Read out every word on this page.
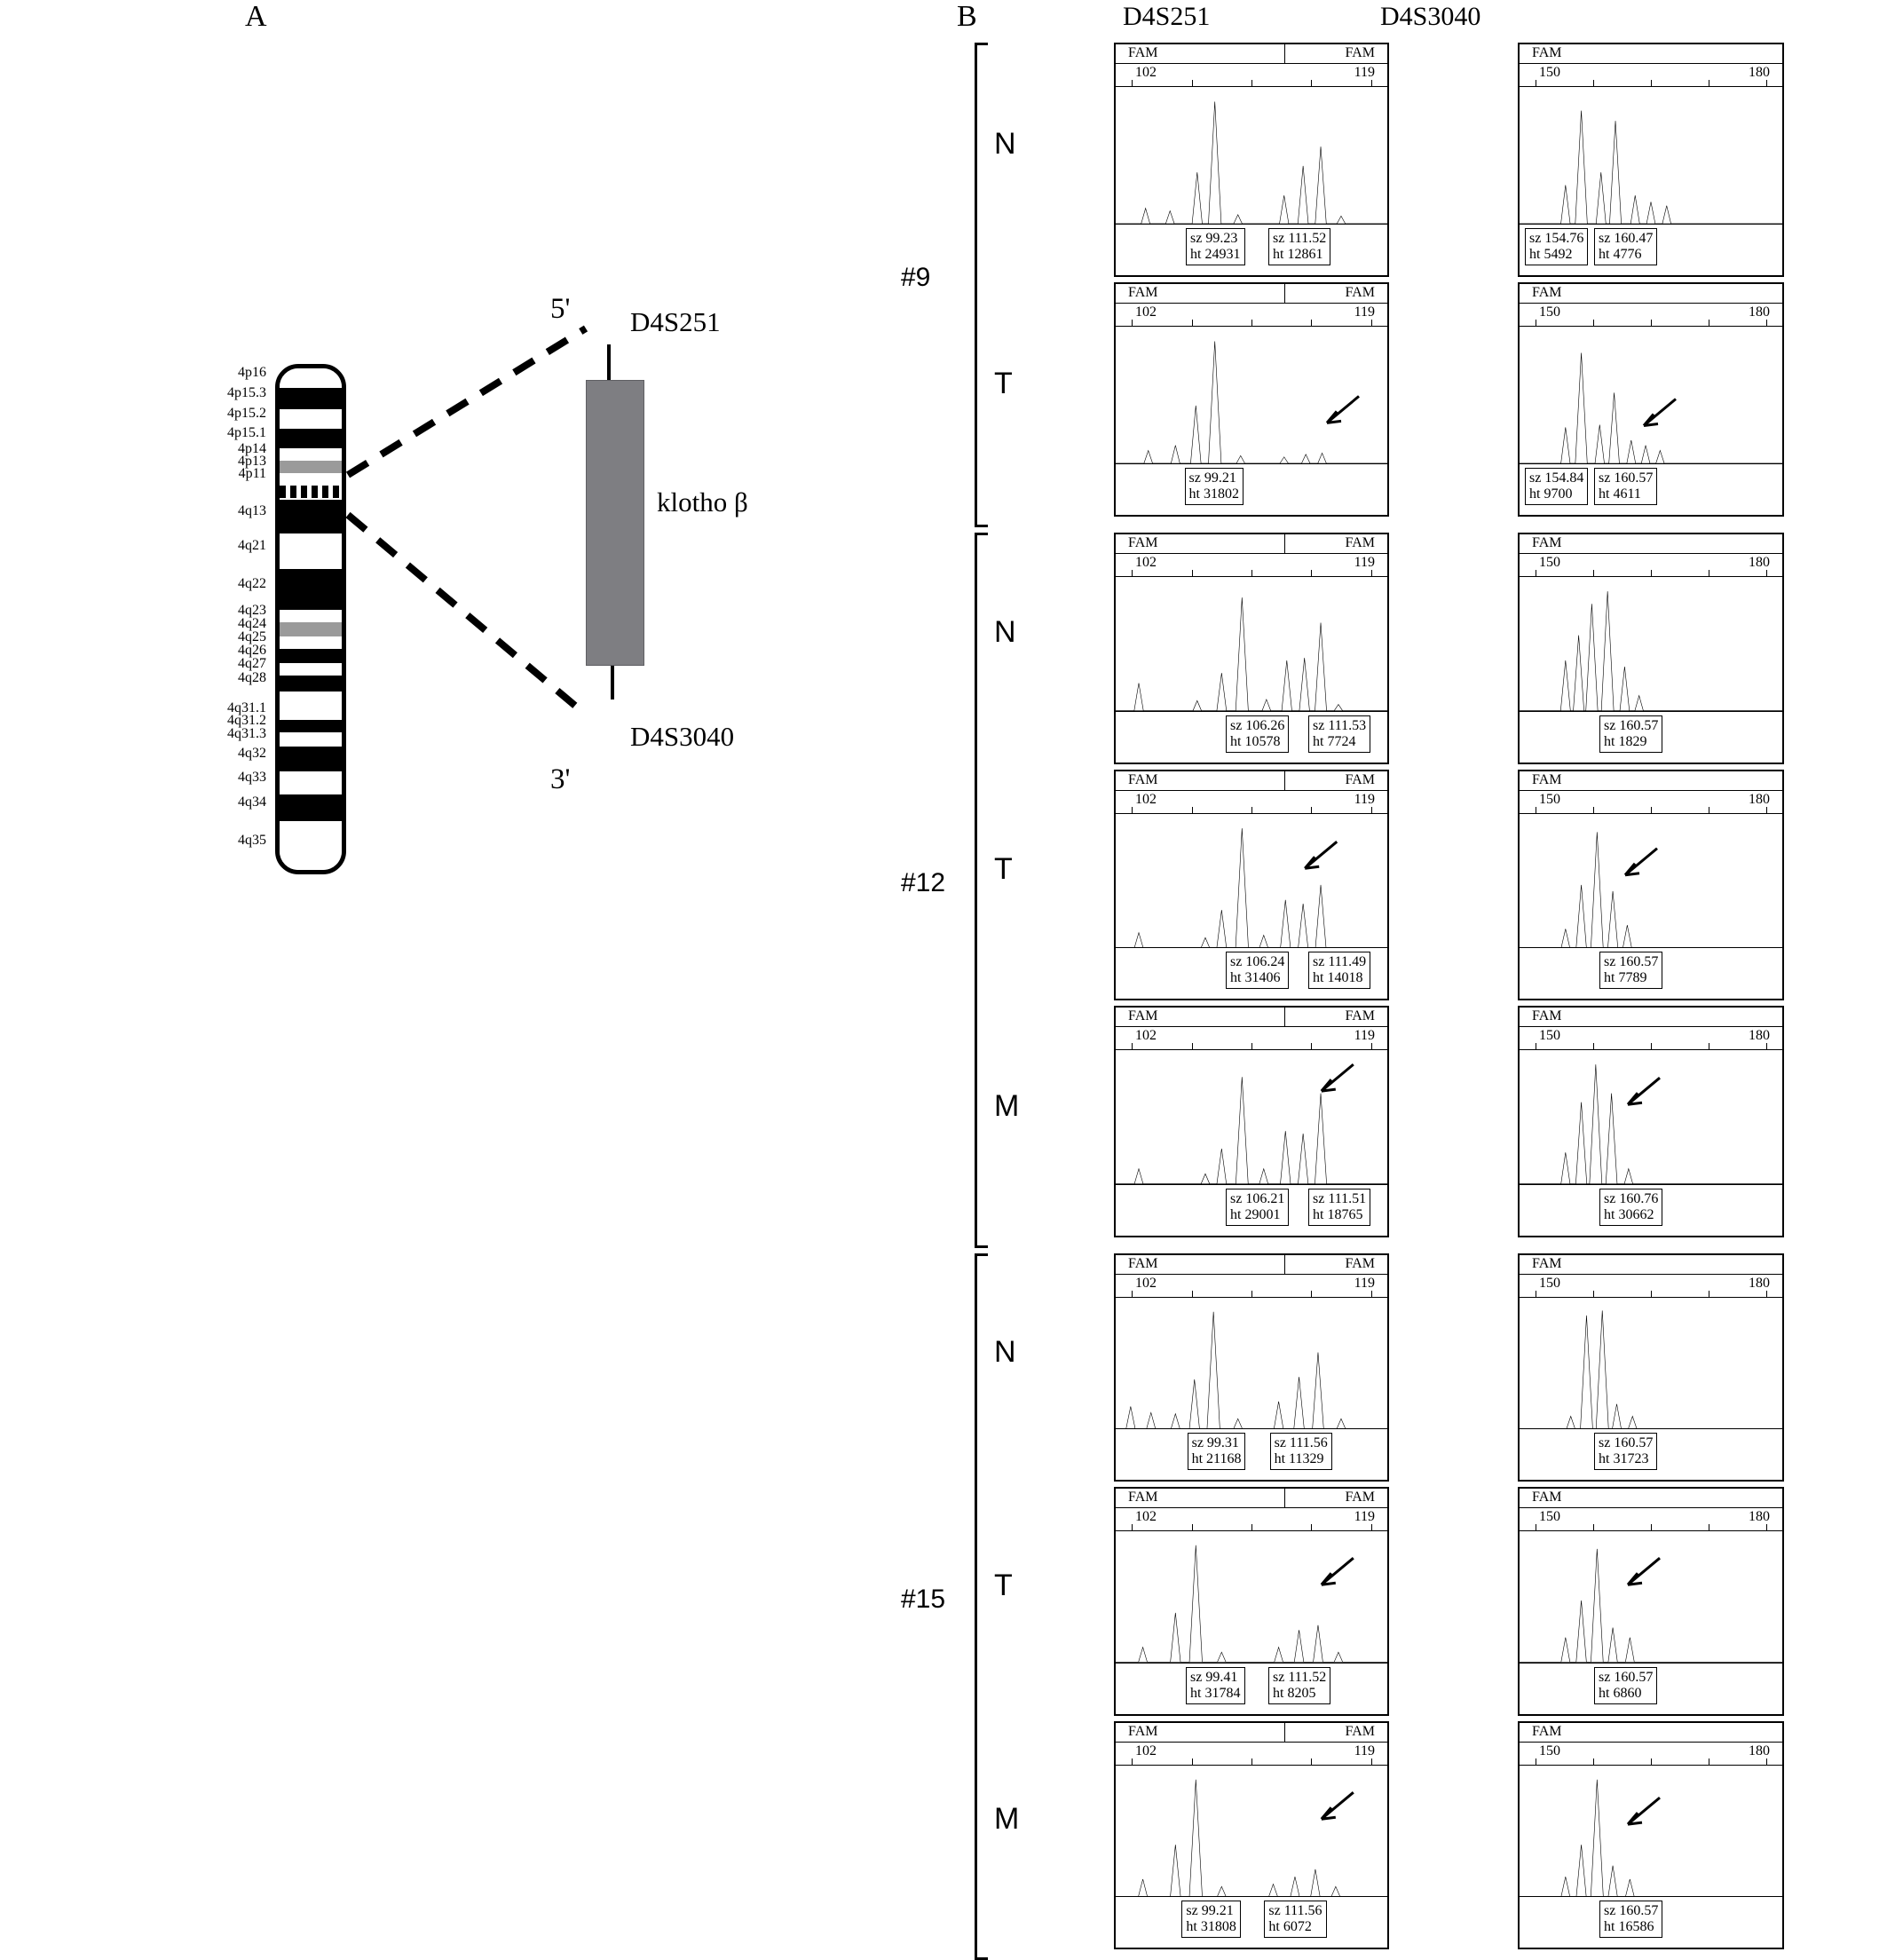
A
4p16
4p15.3
4p15.2
4p15.1
4p14
4p13
4p11
4q13
4q21
4q22
4q23
4q24
4q25
4q26
4q27
4q28
4q31.1
4q31.2
4q31.3
4q32
4q33
4q34
4q35
5'
3'
D4S251
D4S3040
klotho β
B	D4S251	D4S3040
#9
N
FAM	FAM
102	119
sz 99.23
ht 24931
sz 111.52
ht 12861
FAM
150	180
sz 154.76
ht 5492
sz 160.47
ht 4776
T
FAM	FAM
102	119
sz 99.21
ht 31802
FAM
150	180
sz 154.84
ht 9700
sz 160.57
ht 4611
#12
N
FAM	FAM
102	119
sz 106.26
ht 10578
sz 111.53
ht 7724
FAM
150	180
sz 160.57
ht 1829
T
FAM	FAM
102	119
sz 106.24
ht 31406
sz 111.49
ht 14018
FAM
150	180
sz 160.57
ht 7789
M
FAM	FAM
102	119
sz 106.21
ht 29001
sz 111.51
ht 18765
FAM
150	180
sz 160.76
ht 30662
#15
N
FAM	FAM
102	119
sz 99.31
ht 21168
sz 111.56
ht 11329
FAM
150	180
sz 160.57
ht 31723
T
FAM	FAM
102	119
sz 99.41
ht 31784
sz 111.52
ht 8205
FAM
150	180
sz 160.57
ht 6860
M
FAM	FAM
102	119
sz 99.21
ht 31808
sz 111.56
ht 6072
FAM
150	180
sz 160.57
ht 16586
